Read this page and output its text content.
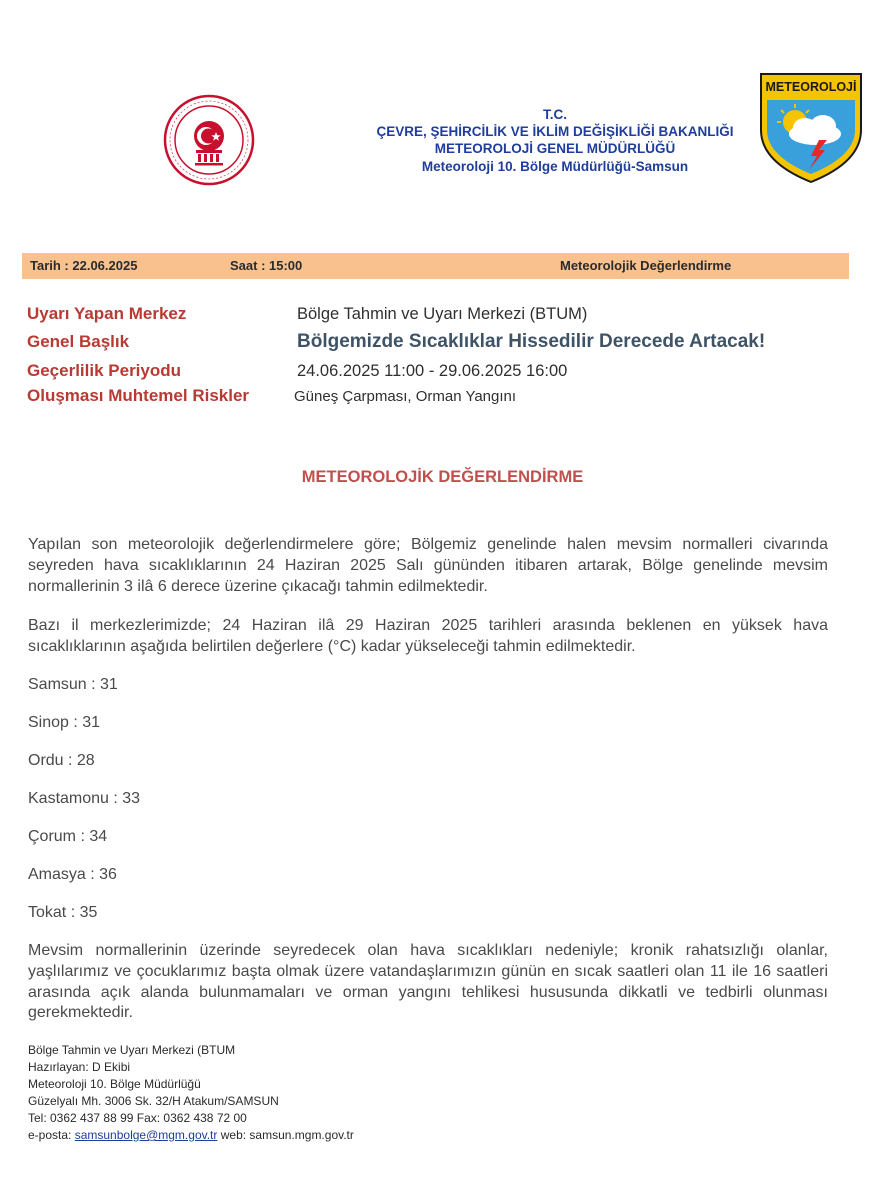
T.C.
ÇEVRE, ŞEHİRCİLİK VE İKLİM DEĞİŞİKLİĞİ BAKANLIĞI
METEOROLOJİ GENEL MÜDÜRLÜĞÜ
Meteoroloji 10. Bölge Müdürlüğü-Samsun
METEOROLOJİ
Tarih : 22.06.2025	Saat : 15:00	Meteorolojik Değerlendirme
Uyarı Yapan Merkez	Bölge Tahmin ve Uyarı Merkezi (BTUM)
Genel Başlık	Bölgemizde Sıcaklıklar Hissedilir Derecede Artacak!
Geçerlilik Periyodu	24.06.2025 11:00 - 29.06.2025 16:00
Oluşması Muhtemel Riskler	Güneş Çarpması, Orman Yangını
METEOROLOJİK DEĞERLENDİRME
Yapılan son meteorolojik değerlendirmelere göre; Bölgemiz genelinde halen mevsim normalleri civarında seyreden hava sıcaklıklarının 24 Haziran 2025 Salı gününden itibaren artarak, Bölge genelinde mevsim normallerinin 3 ilâ 6 derece üzerine çıkacağı tahmin edilmektedir.
Bazı il merkezlerimizde; 24 Haziran ilâ 29 Haziran 2025 tarihleri arasında beklenen en yüksek hava sıcaklıklarının aşağıda belirtilen değerlere (°C) kadar yükseleceği tahmin edilmektedir.
Samsun : 31
Sinop : 31
Ordu : 28
Kastamonu : 33
Çorum : 34
Amasya : 36
Tokat : 35
Mevsim normallerinin üzerinde seyredecek olan hava sıcaklıkları nedeniyle; kronik rahatsızlığı olanlar, yaşlılarımız ve çocuklarımız başta olmak üzere vatandaşlarımızın günün en sıcak saatleri olan 11 ile 16 saatleri arasında açık alanda bulunmamaları ve orman yangını tehlikesi hususunda dikkatli ve tedbirli olunması gerekmektedir.
Bölge Tahmin ve Uyarı Merkezi (BTUM
Hazırlayan: D Ekibi
Meteoroloji 10. Bölge Müdürlüğü
Güzelyalı Mh. 3006 Sk. 32/H Atakum/SAMSUN
Tel: 0362 437 88 99 Fax: 0362 438 72 00
e-posta: samsunbolge@mgm.gov.tr web: samsun.mgm.gov.tr
